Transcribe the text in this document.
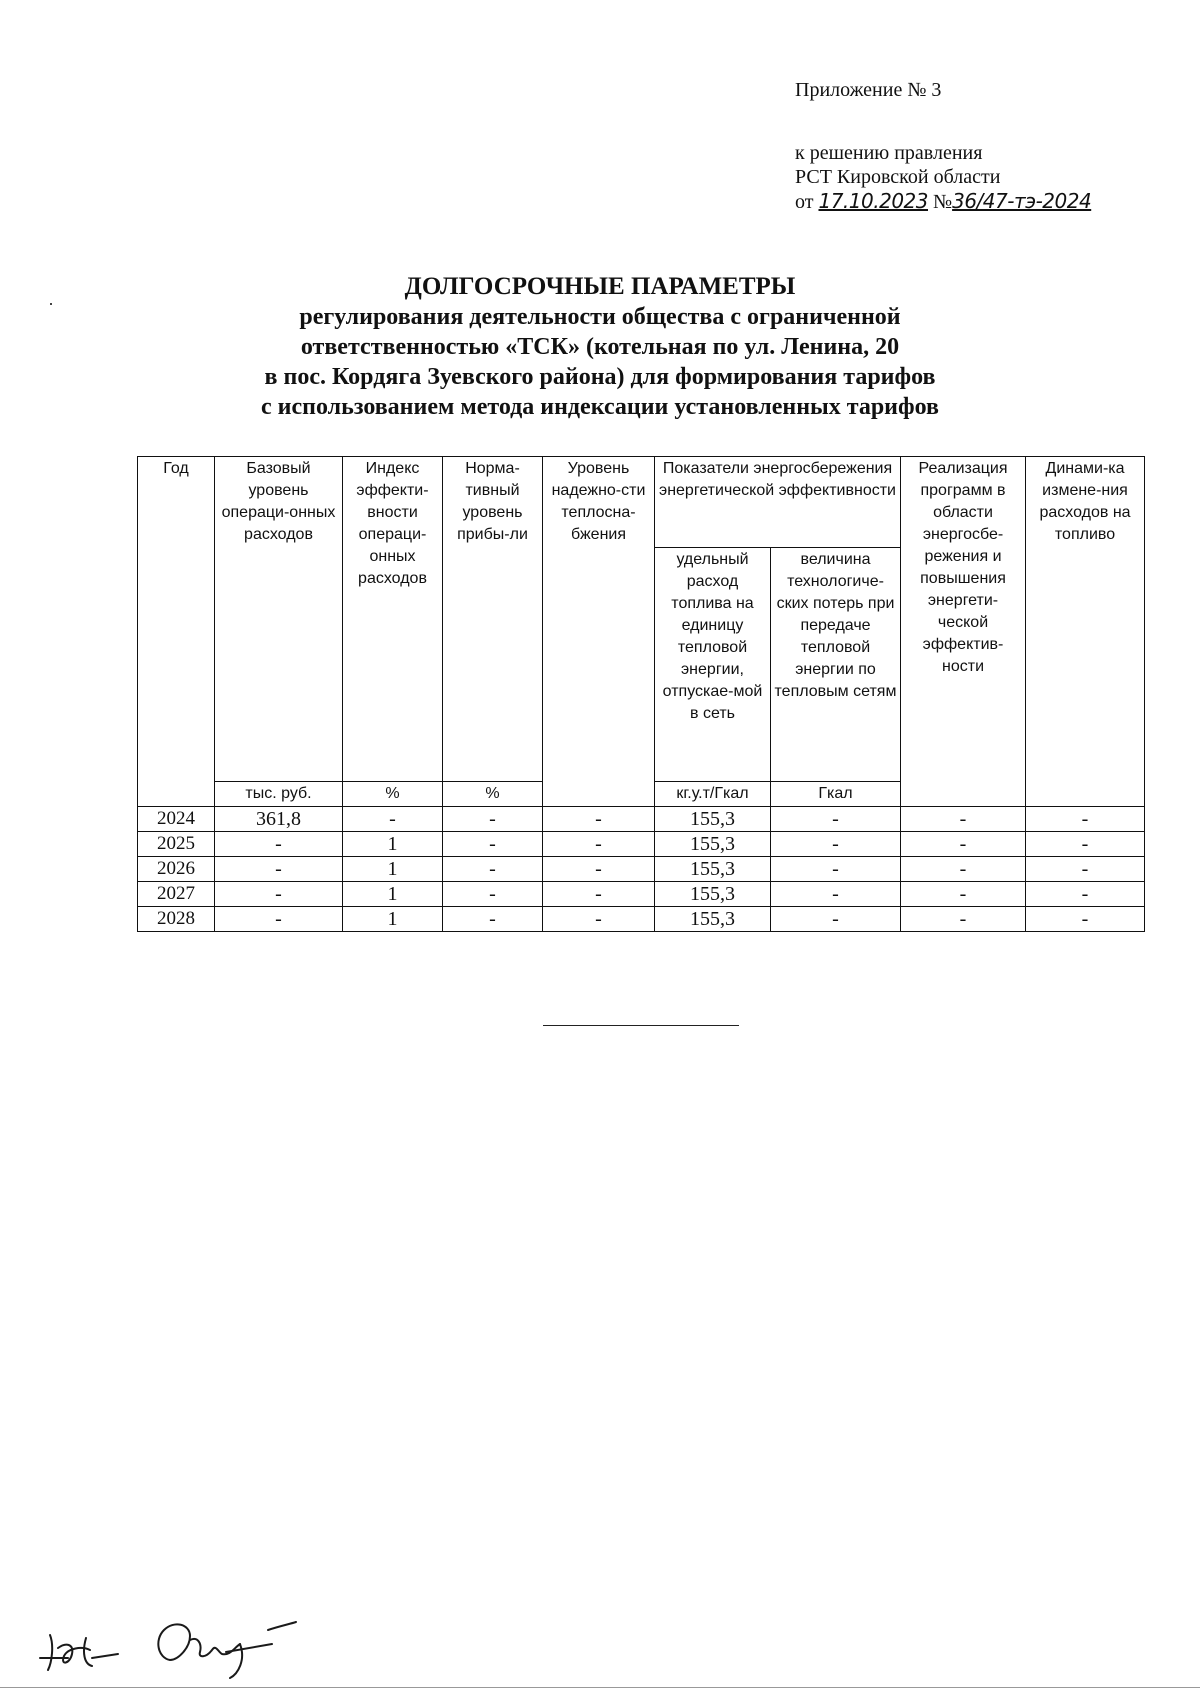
Приложение № 3
к решению правления
РСТ Кировской области
от 17.10.2023 №36/47-тэ-2024
ДОЛГОСРОЧНЫЕ ПАРАМЕТРЫ
регулирования деятельности общества с ограниченной
ответственностью «ТСК» (котельная по ул. Ленина, 20
в пос. Кордяга Зуевского района) для формирования тарифов
с использованием метода индексации установленных тарифов
Год	Базовый уровень операци-онных расходов	Индекс эффекти-вности операци-онных расходов	Норма-тивный уровень прибы-ли	Уровень надежно-сти теплосна-бжения	Показатели энергосбережения энергетической эффективности		Реализация программ в области энергосбе-режения и повышения энергети-ческой эффектив-ности	Динами-ка измене-ния расходов на топливо
					удельный расход топлива на единицу тепловой энергии, отпускае-мой в сеть	величина технологиче-ских потерь при передаче тепловой энергии по тепловым сетям		
	тыс. руб.	%	%		кг.у.т/Гкал	Гкал		
2024	361,8	-	-	-	155,3	-	-	-
2025	-	1	-	-	155,3	-	-	-
2026	-	1	-	-	155,3	-	-	-
2027	-	1	-	-	155,3	-	-	-
2028	-	1	-	-	155,3	-	-	-
